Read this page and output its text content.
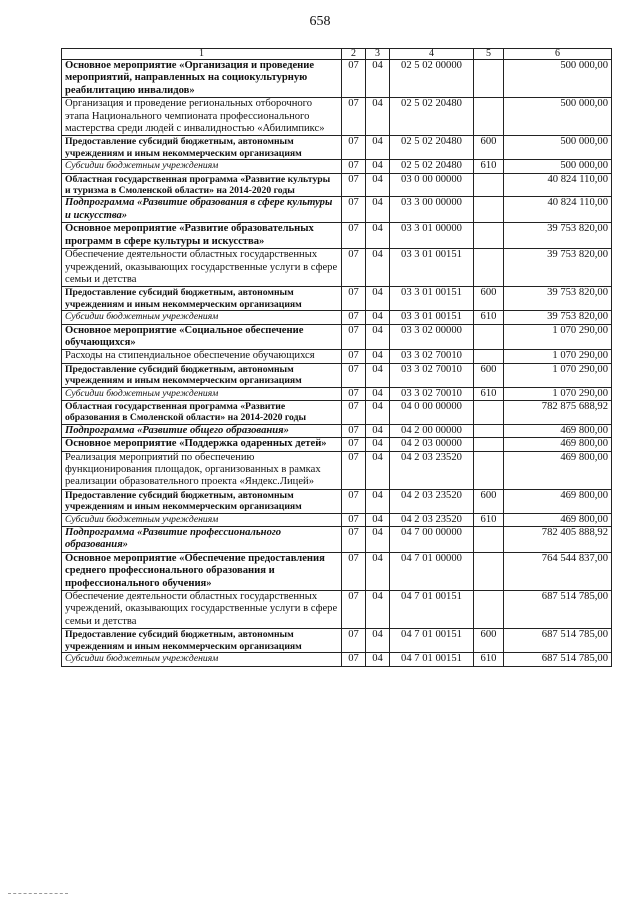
658
1	2	3	4	5	6
Основное мероприятие «Организация и проведение мероприятий, направленных на социокультурную реабилитацию инвалидов»	07	04	02 5 02 00000		500 000,00
Организация и проведение региональных отборочного этапа Национального чемпионата профессионального мастерства среди людей с инвалидностью «Абилимпикс»	07	04	02 5 02 20480		500 000,00
Предоставление субсидий бюджетным, автономным учреждениям и иным некоммерческим организациям	07	04	02 5 02 20480	600	500 000,00
Субсидии бюджетным учреждениям	07	04	02 5 02 20480	610	500 000,00
Областная государственная программа «Развитие культуры и туризма в Смоленской области» на 2014-2020 годы	07	04	03 0 00 00000		40 824 110,00
Подпрограмма «Развитие образования в сфере культуры и искусства»	07	04	03 3 00 00000		40 824 110,00
Основное мероприятие «Развитие образовательных программ в сфере культуры и искусства»	07	04	03 3 01 00000		39 753 820,00
Обеспечение деятельности областных государственных учреждений, оказывающих государственные услуги в сфере семьи и детства	07	04	03 3 01 00151		39 753 820,00
Предоставление субсидий бюджетным, автономным учреждениям и иным некоммерческим организациям	07	04	03 3 01 00151	600	39 753 820,00
Субсидии бюджетным учреждениям	07	04	03 3 01 00151	610	39 753 820,00
Основное мероприятие «Социальное обеспечение обучающихся»	07	04	03 3 02 00000		1 070 290,00
Расходы на стипендиальное обеспечение обучающихся	07	04	03 3 02 70010		1 070 290,00
Предоставление субсидий бюджетным, автономным учреждениям и иным некоммерческим организациям	07	04	03 3 02 70010	600	1 070 290,00
Субсидии бюджетным учреждениям	07	04	03 3 02 70010	610	1 070 290,00
Областная государственная программа «Развитие образования в Смоленской области» на 2014-2020 годы	07	04	04 0 00 00000		782 875 688,92
Подпрограмма «Развитие общего образования»	07	04	04 2 00 00000		469 800,00
Основное мероприятие «Поддержка одаренных детей»	07	04	04 2 03 00000		469 800,00
Реализация мероприятий по обеспечению функционирования площадок, организованных в рамках реализации образовательного проекта «Яндекс.Лицей»	07	04	04 2 03 23520		469 800,00
Предоставление субсидий бюджетным, автономным учреждениям и иным некоммерческим организациям	07	04	04 2 03 23520	600	469 800,00
Субсидии бюджетным учреждениям	07	04	04 2 03 23520	610	469 800,00
Подпрограмма «Развитие профессионального образования»	07	04	04 7 00 00000		782 405 888,92
Основное мероприятие «Обеспечение предоставления среднего профессионального образования и профессионального обучения»	07	04	04 7 01 00000		764 544 837,00
Обеспечение деятельности областных государственных учреждений, оказывающих государственные услуги в сфере семьи и детства	07	04	04 7 01 00151		687 514 785,00
Предоставление субсидий бюджетным, автономным учреждениям и иным некоммерческим организациям	07	04	04 7 01 00151	600	687 514 785,00
Субсидии бюджетным учреждениям	07	04	04 7 01 00151	610	687 514 785,00
